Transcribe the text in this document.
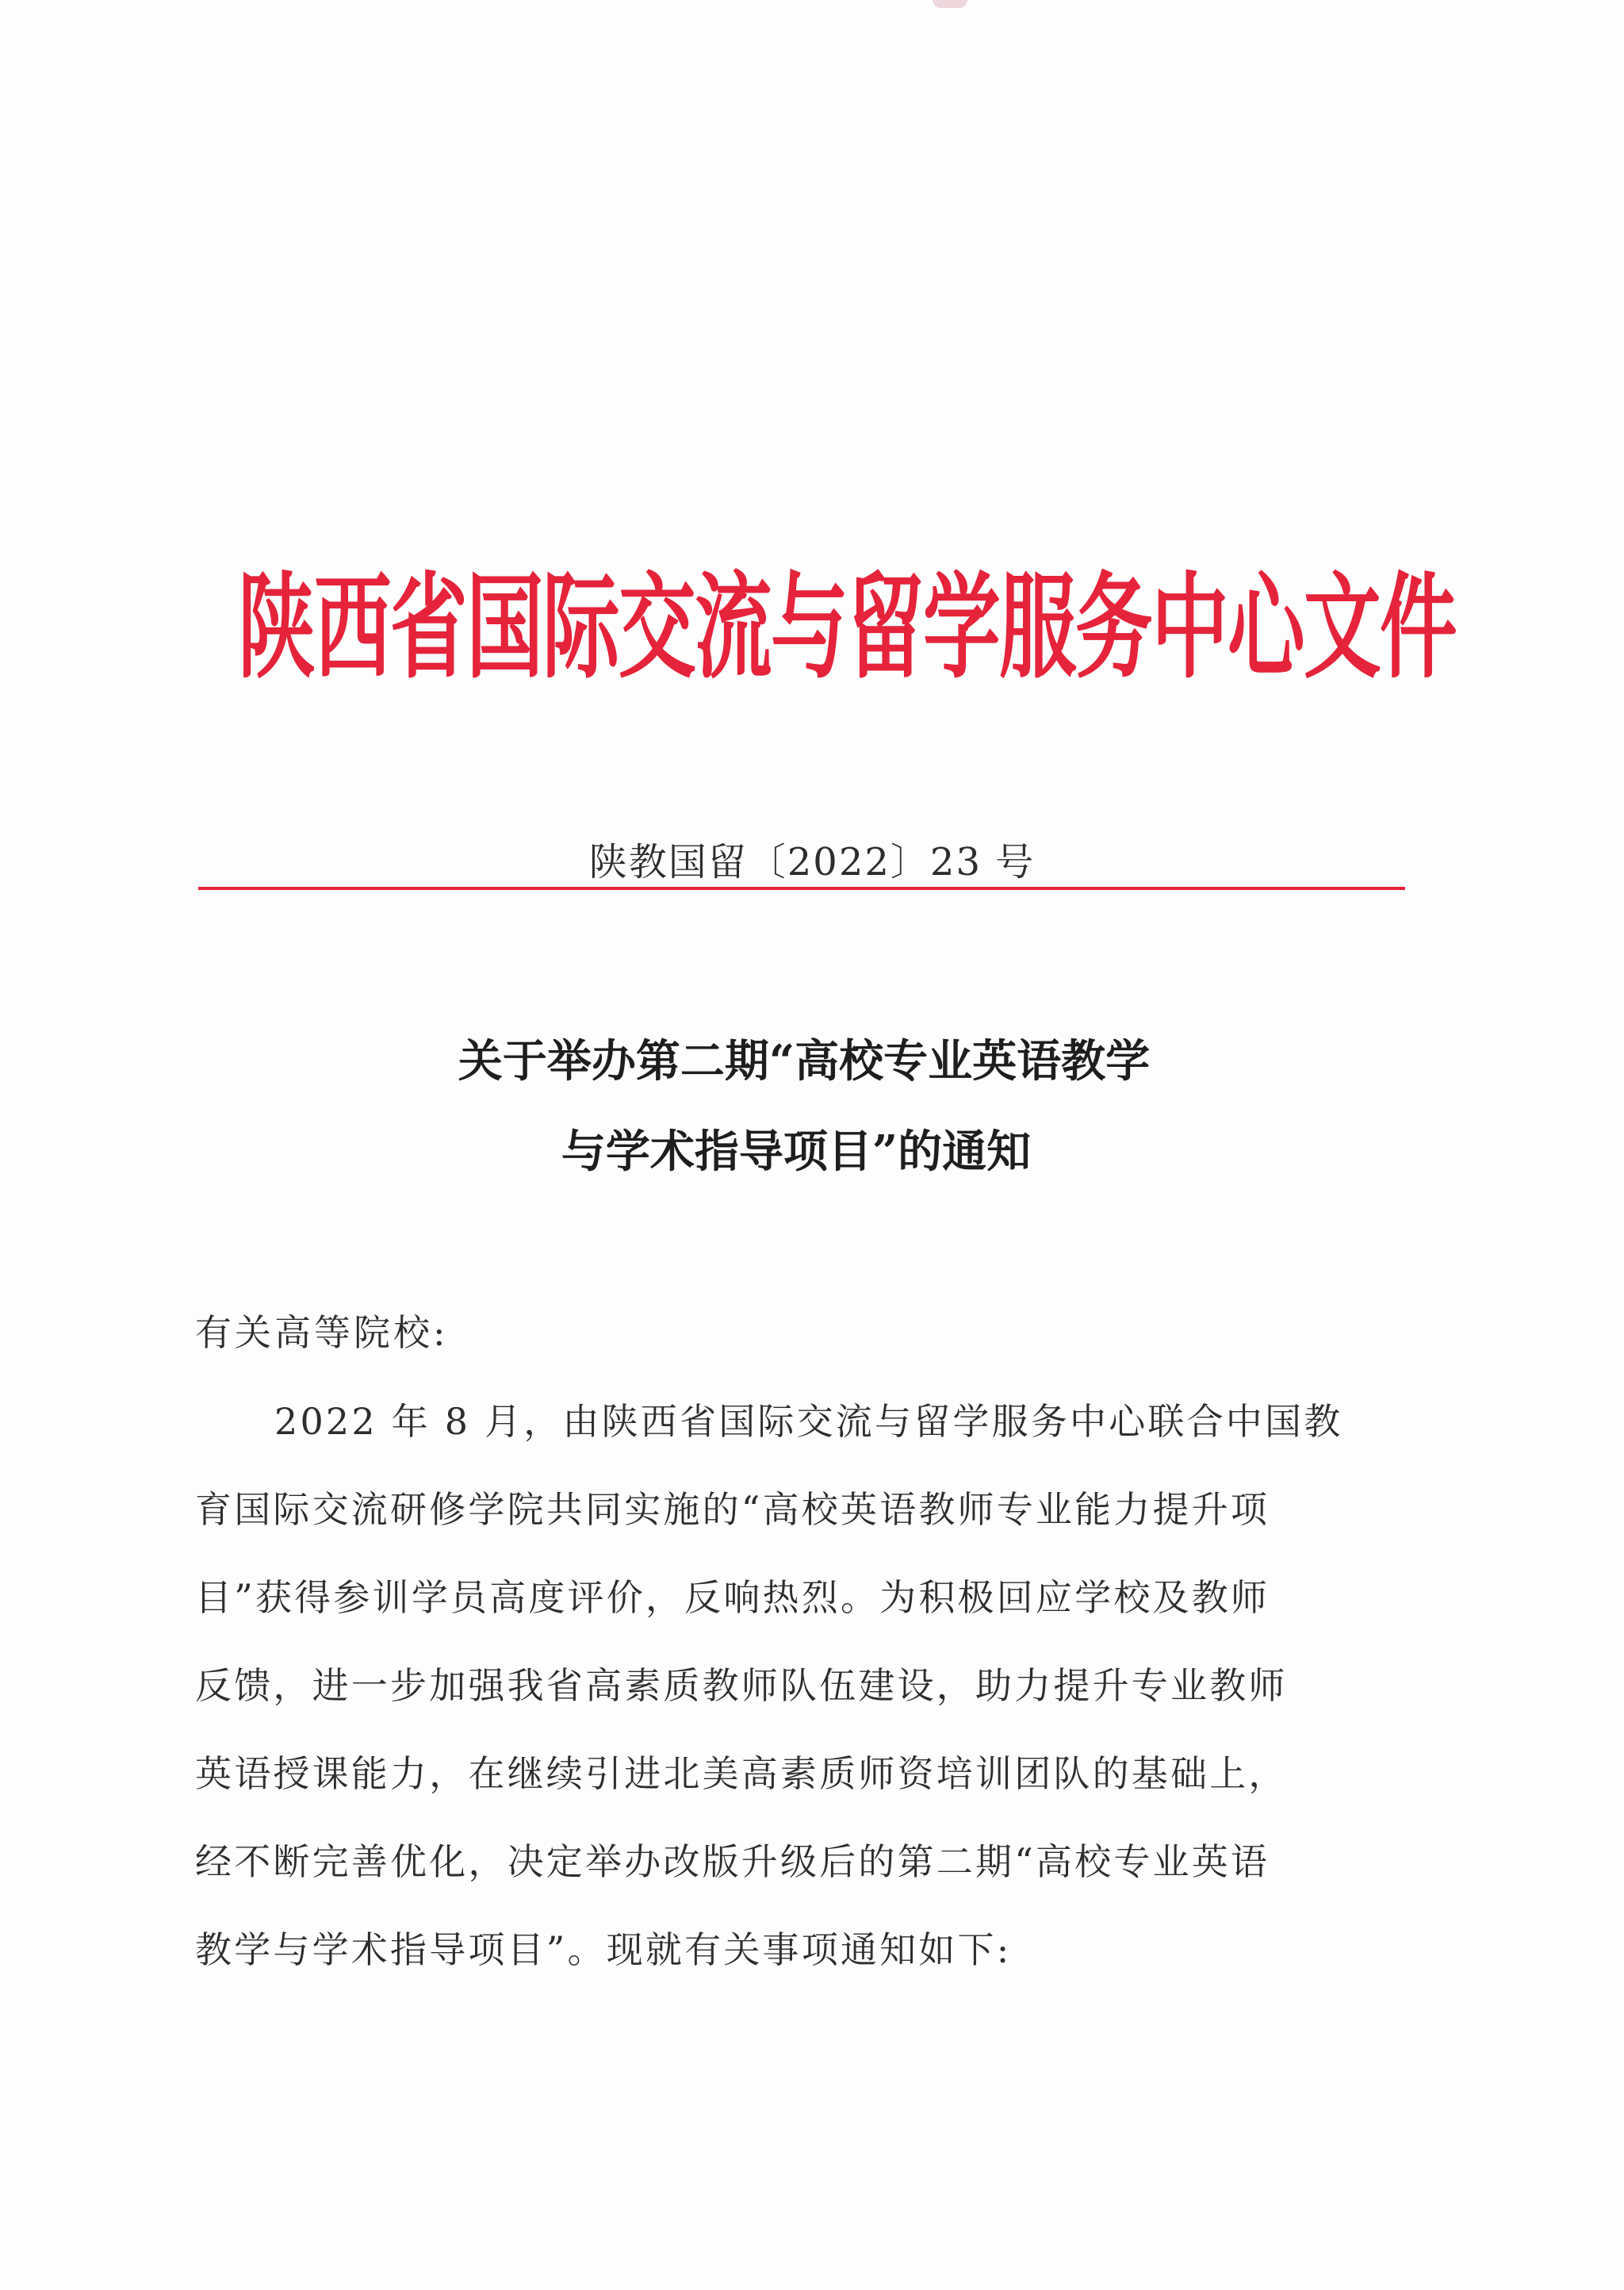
陕西省国际交流与留学服务中心文件
陕教国留〔2022〕23 号
关于举办第二期“高校专业英语教学
与学术指导项目”的通知
有关高等院校:
2022 年 8 月，由陕西省国际交流与留学服务中心联合中国教
育国际交流研修学院共同实施的“高校英语教师专业能力提升项
目”获得参训学员高度评价，反响热烈。为积极回应学校及教师
反馈，进一步加强我省高素质教师队伍建设，助力提升专业教师
英语授课能力，在继续引进北美高素质师资培训团队的基础上，
经不断完善优化，决定举办改版升级后的第二期“高校专业英语
教学与学术指导项目”。现就有关事项通知如下:
